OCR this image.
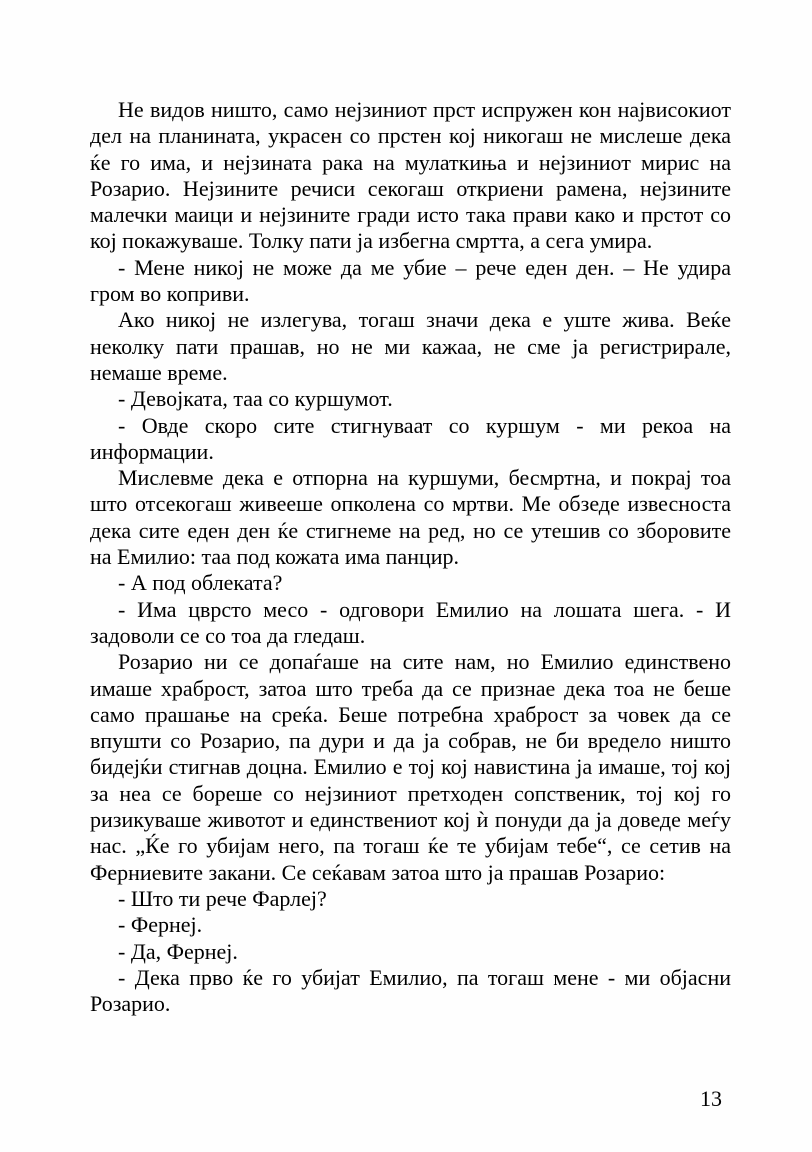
Не видов ништо, само нејзиниот прст испружен кон највисокиот дел на планината, украсен со прстен кој никогаш не мислеше дека ќе го има, и нејзината рака на мулаткиња и нејзиниот мирис на Розарио. Нејзините речиси секогаш откриени рамена, нејзините малечки маици и нејзините гради исто така прави како и прстот со кој покажуваше. Толку пати ја избегна смртта, а сега умира.

- Мене никој не може да ме убие – рече еден ден. – Не удира гром во коприви.

Ако никој не излегува, тогаш значи дека е уште жива. Веќе неколку пати прашав, но не ми кажаа, не сме ја регистрирале, немаше време.

- Девојката, таа со куршумот.

- Овде скоро сите стигнуваат со куршум - ми рекоа на информации.

Мислевме дека е отпорна на куршуми, бесмртна, и покрај тоа што отсекогаш живееше опколена со мртви. Ме обзеде извесноста дека сите еден ден ќе стигнеме на ред, но се утешив со зборовите на Емилио: таа под кожата има панцир.

- А под облеката?

- Има цврсто месо - одговори Емилио на лошата шега. - И задоволи се со тоа да гледаш.

Розарио ни се допаѓаше на сите нам, но Емилио единствено имаше храброст, затоа што треба да се признае дека тоа не беше само прашање на среќа. Беше потребна храброст за човек да се впушти со Розарио, па дури и да ја собрав, не би вредело ништо бидејќи стигнав доцна. Емилио е тој кој навистина ја имаше, тој кој за неа се бореше со нејзиниот претходен сопственик, тој кој го ризикуваше животот и единствениот кој ѝ понуди да ја доведе меѓу нас. „Ќе го убијам него, па тогаш ќе те убијам тебе“, се сетив на Ферниевите закани. Се сеќавам затоа што ја прашав Розарио:

- Што ти рече Фарлеј?

- Фернеј.

- Да, Фернеј.

- Дека прво ќе го убијат Емилио, па тогаш мене - ми објасни Розарио.

13
